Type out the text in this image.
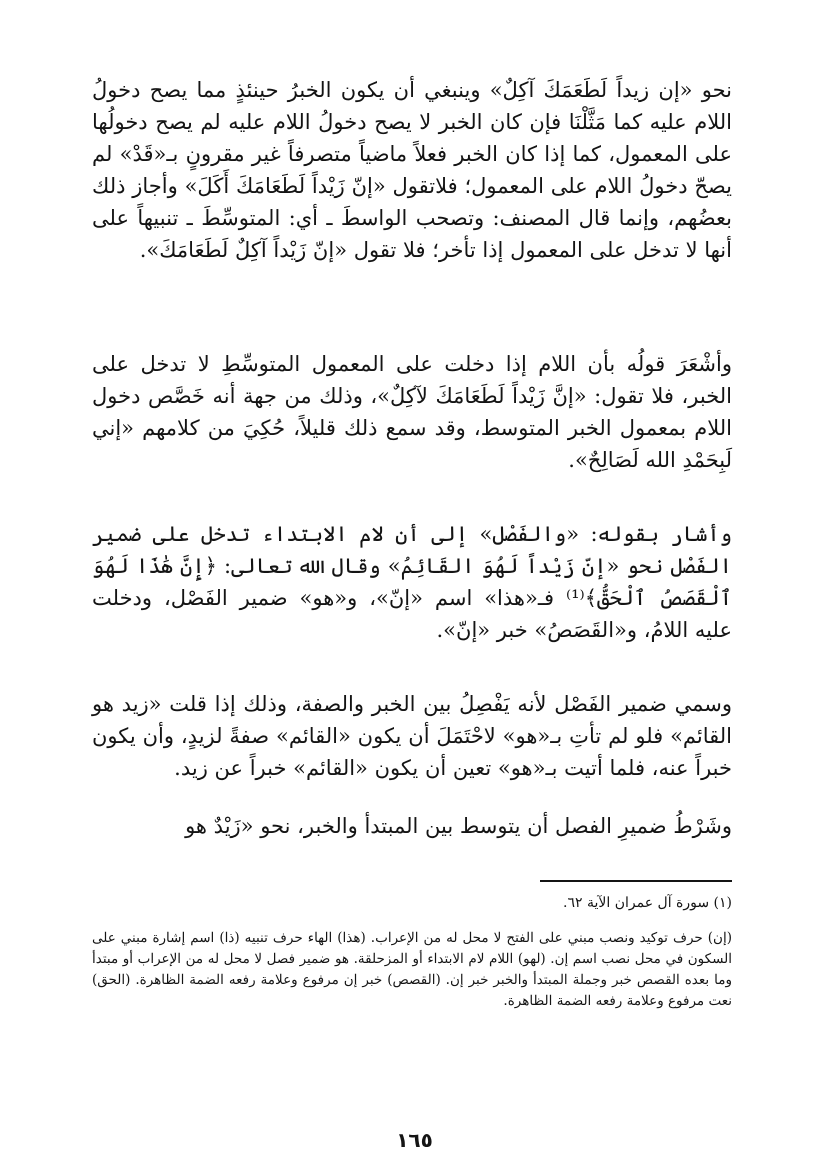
نحو «إن زيداً لَطَعَمَكَ آكِلٌ» وينبغي أن يكون الخبرُ حينئذٍ مما يصح دخولُ اللام عليه كما مَثَّلْنَا فإن كان الخبر لا يصح دخولُ اللام عليه لم يصح دخولُها على المعمول، كما إذا كان الخبر فعلاً ماضياً متصرفاً غير مقرونٍ بـ«قَدْ» لم يصحّ دخولُ اللام على المعمول؛ فلاتقول «إنّ زَيْداً لَطَعَامَكَ أَكَلَ» وأجاز ذلك بعضُهم، وإنما قال المصنف: وتصحب الواسطَ ـ أي: المتوسِّطَ ـ تنبيهاً على أنها لا تدخل على المعمول إذا تأخر؛ فلا تقول «إنّ زَيْداً آكِلٌ لَطَعَامَكَ».

وأشْعَرَ قولُه بأن اللام إذا دخلت على المعمول المتوسِّطِ لا تدخل على الخبر، فلا تقول: «إنَّ زَيْداً لَطَعَامَكَ لآكِلٌ»، وذلك من جهة أنه خَصَّص دخول اللام بمعمول الخبر المتوسط، وقد سمع ذلك قليلاً، حُكِيَ من كلامهم «إني لَبِحَمْدِ الله لَصَالِحٌ».

وأشار بقوله: «والفَصْل» إلى أن لام الابتداء تدخل على ضمير الفَصْل نحو «إنّ زَيْداً لَهُوَ القَائِمُ» وقال الله تعالى: ﴿إِنَّ هَٰذَا لَهُوَ ٱلْقَصَصُ ٱلْحَقُّ﴾⁽¹⁾ فـ«هذا» اسم «إنّ»، و«هو» ضمير الفَصْل، ودخلت عليه اللامُ، و«القَصَصُ» خبر «إنّ».

وسمي ضمير الفَصْل لأنه يَفْصِلُ بين الخبر والصفة، وذلك إذا قلت «زيد هو القائم» فلو لم تأتِ بـ«هو» لاحْتَمَلَ أن يكون «القائم» صفةً لزيدٍ، وأن يكون خبراً عنه، فلما أتيت بـ«هو» تعين أن يكون «القائم» خبراً عن زيد.

وشَرْطُ ضميرِ الفصل أن يتوسط بين المبتدأ والخبر، نحو «زَيْدٌ هو

(١) سورة آل عمران الآية ٦٢.
(إن) حرف توكيد ونصب مبني على الفتح لا محل له من الإعراب. (هذا) الهاء حرف تنبيه (ذا) اسم إشارة مبني على السكون في محل نصب اسم إن. (لهو) اللام لام الابتداء أو المزحلقة. هو ضمير فصل لا محل له من الإعراب أو مبتدأ وما بعده القصص خبر وجملة المبتدأ والخبر خبر إن. (القصص) خبر إن مرفوع وعلامة رفعه الضمة الظاهرة. (الحق) نعت مرفوع وعلامة رفعه الضمة الظاهرة.
١٦٥
